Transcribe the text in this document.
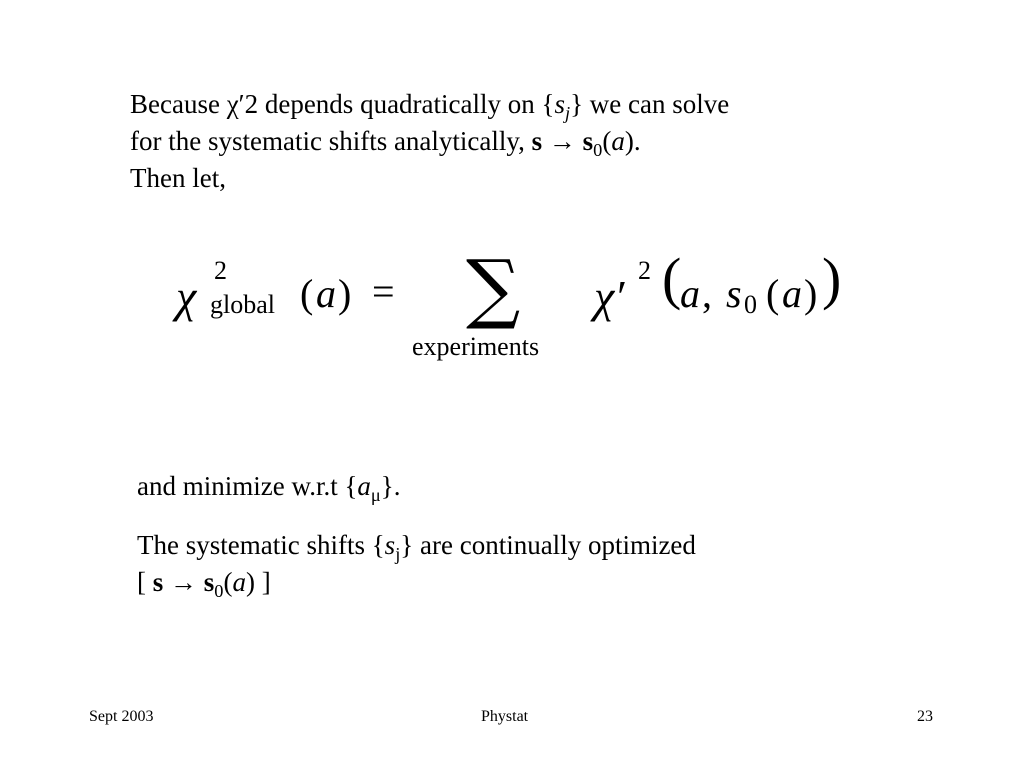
Because χ′2 depends quadratically on $\{s_j\}$ we can solve
for the systematic shifts analytically, $s \to s_0(a)$.
Then let,
χ
2
global ( a ) = ∑
experiments
χ′
2 (
a , s 0 ( a ) )
and minimize w.r.t $\{a_\mu\}$.
The systematic shifts $\{s_j\}$ are continually optimized
[ $s \to s_0(a)$ ]
Sept 2003	Phystat	23
